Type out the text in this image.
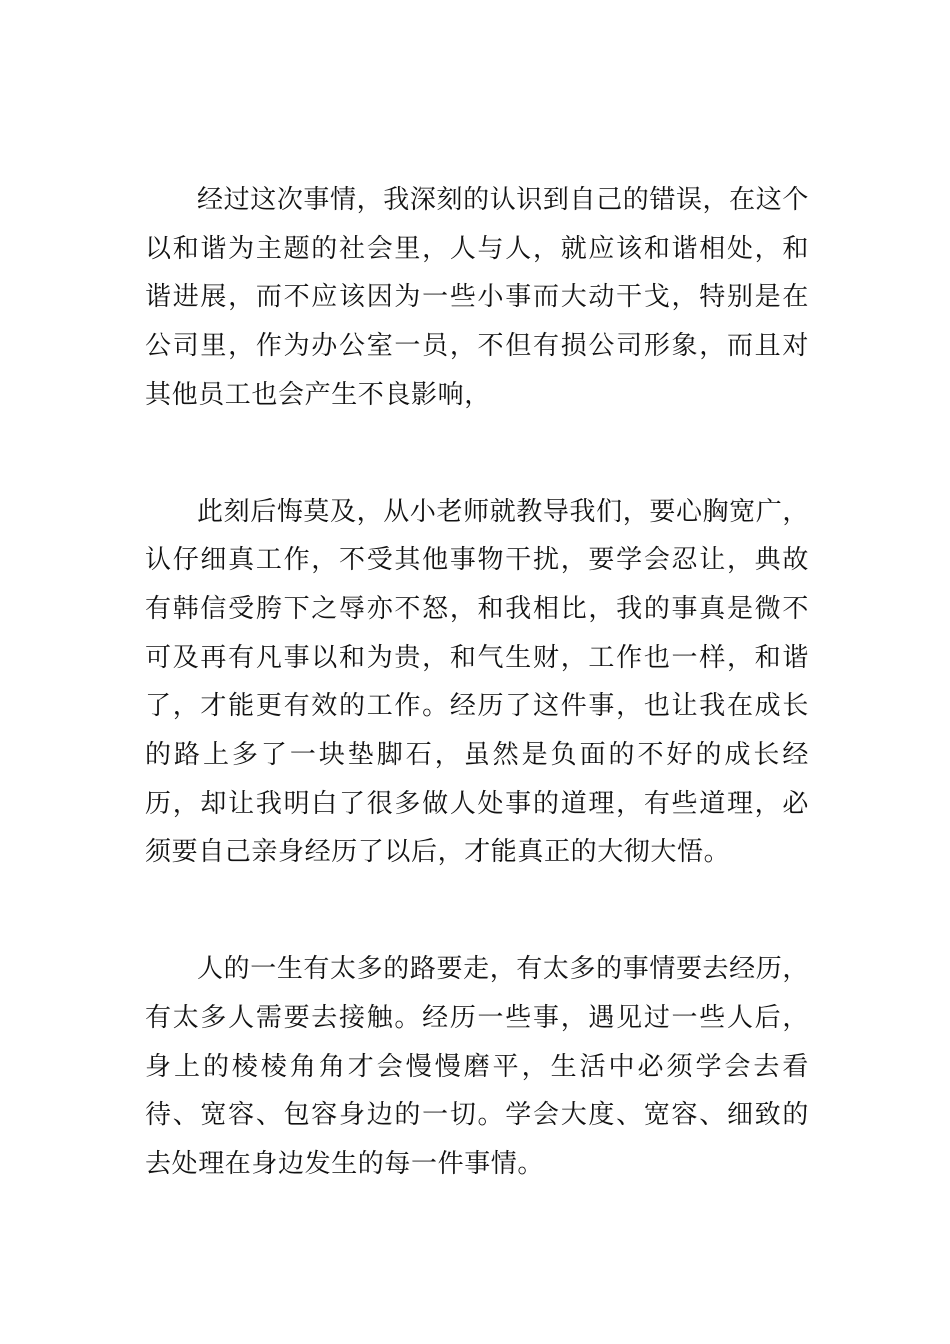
经过这次事情，我深刻的认识到自己的错误，在这个以和谐为主题的社会里，人与人，就应该和谐相处，和谐进展，而不应该因为一些小事而大动干戈，特别是在公司里，作为办公室一员，不但有损公司形象，而且对其他员工也会产生不良影响，

此刻后悔莫及，从小老师就教导我们，要心胸宽广，认仔细真工作，不受其他事物干扰，要学会忍让，典故有韩信受胯下之辱亦不怒，和我相比，我的事真是微不可及再有凡事以和为贵，和气生财，工作也一样，和谐了，才能更有效的工作。经历了这件事，也让我在成长的路上多了一块垫脚石，虽然是负面的不好的成长经历，却让我明白了很多做人处事的道理，有些道理，必须要自己亲身经历了以后，才能真正的大彻大悟。

人的一生有太多的路要走，有太多的事情要去经历，有太多人需要去接触。经历一些事，遇见过一些人后，身上的棱棱角角才会慢慢磨平，生活中必须学会去看待、宽容、包容身边的一切。学会大度、宽容、细致的去处理在身边发生的每一件事情。
